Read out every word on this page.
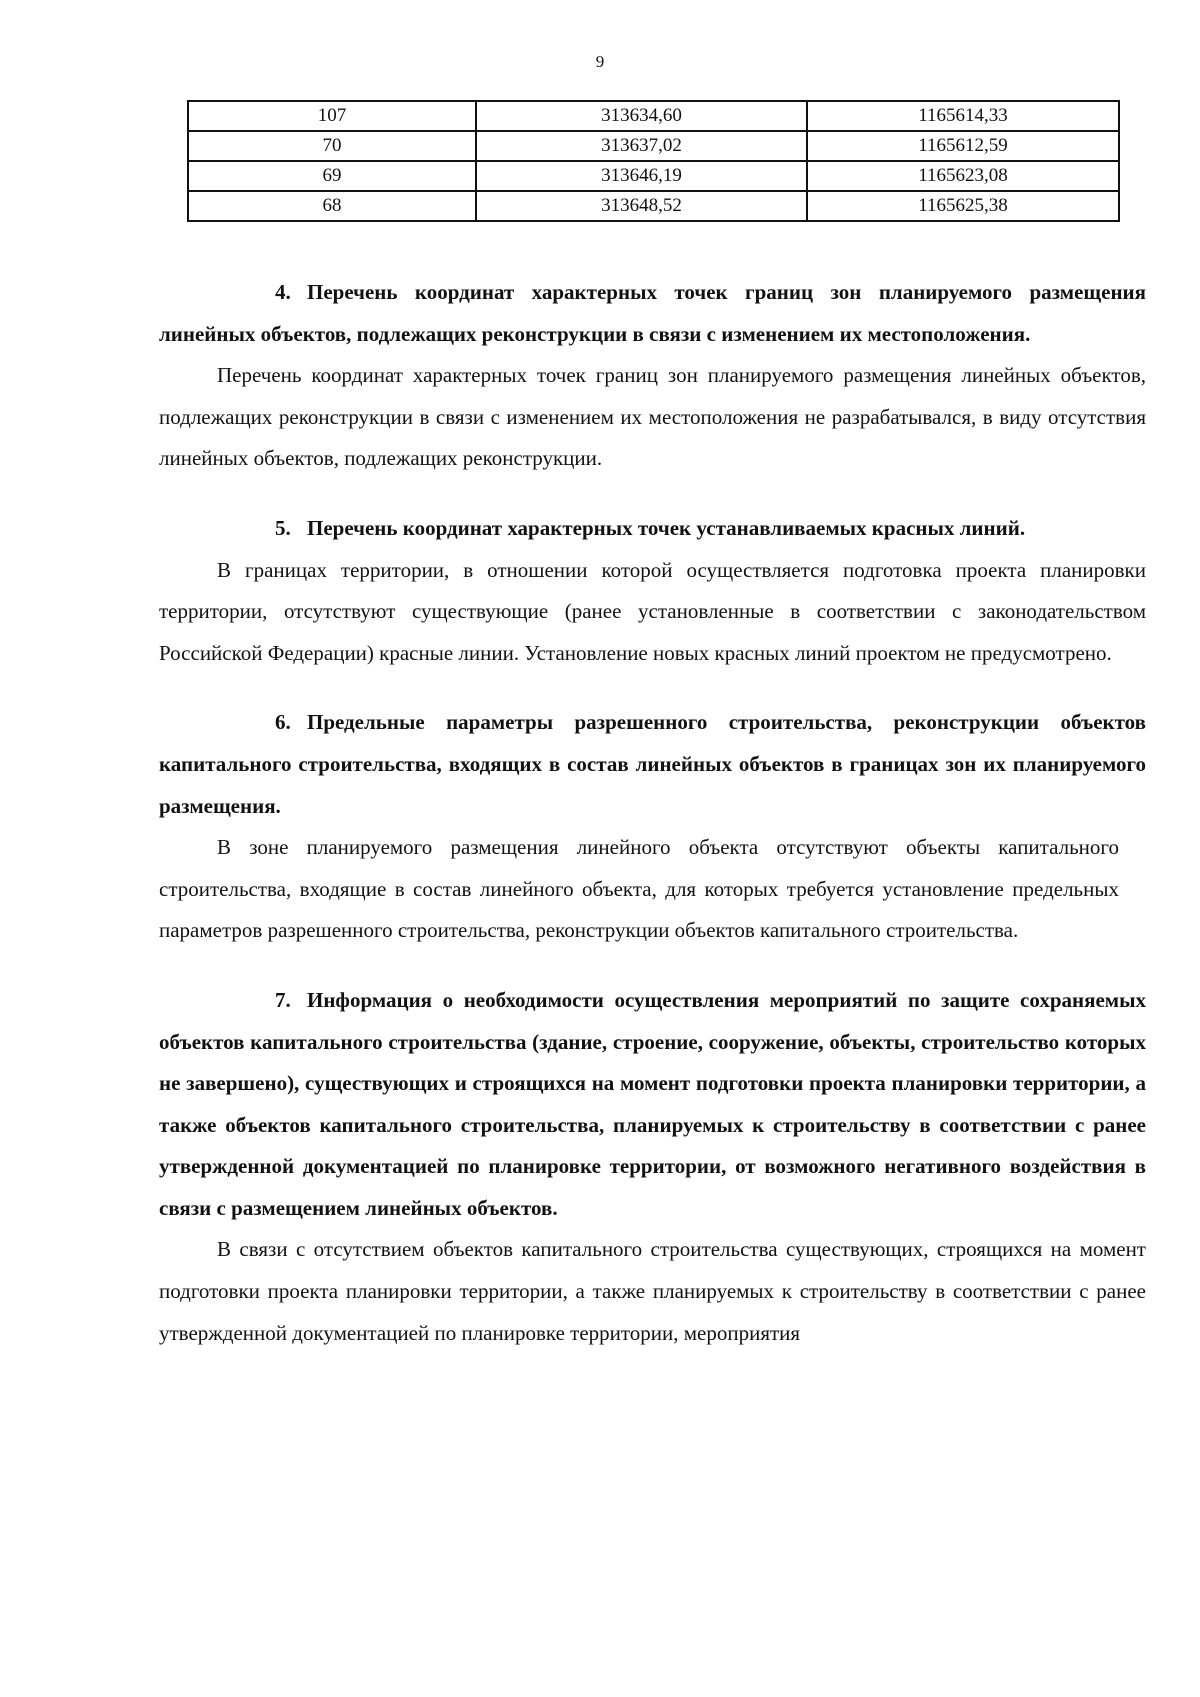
9
107	313634,60	1165614,33
70	313637,02	1165612,59
69	313646,19	1165623,08
68	313648,52	1165625,38

4. Перечень координат характерных точек границ зон планируемого размещения линейных объектов, подлежащих реконструкции в связи с изменением их местоположения.

Перечень координат характерных точек границ зон планируемого размещения линейных объектов, подлежащих реконструкции в связи с изменением их местоположения не разрабатывался, в виду отсутствия линейных объектов, подлежащих реконструкции.

5. Перечень координат характерных точек устанавливаемых красных линий.

В границах территории, в отношении которой осуществляется подготовка проекта планировки территории, отсутствуют существующие (ранее установленные в соответствии с законодательством Российской Федерации) красные линии. Установление новых красных линий проектом не предусмотрено.

6. Предельные параметры разрешенного строительства, реконструкции объектов капитального строительства, входящих в состав линейных объектов в границах зон их планируемого размещения.

В зоне планируемого размещения линейного объекта отсутствуют объекты капитального строительства, входящие в состав линейного объекта, для которых требуется установление предельных параметров разрешенного строительства, реконструкции объектов капитального строительства.

7. Информация о необходимости осуществления мероприятий по защите сохраняемых объектов капитального строительства (здание, строение, сооружение, объекты, строительство которых не завершено), существующих и строящихся на момент подготовки проекта планировки территории, а также объектов капитального строительства, планируемых к строительству в соответствии с ранее утвержденной документацией по планировке территории, от возможного негативного воздействия в связи с размещением линейных объектов.

В связи с отсутствием объектов капитального строительства существующих, строящихся на момент подготовки проекта планировки территории, а также планируемых к строительству в соответствии с ранее утвержденной документацией по планировке территории, мероприятия
